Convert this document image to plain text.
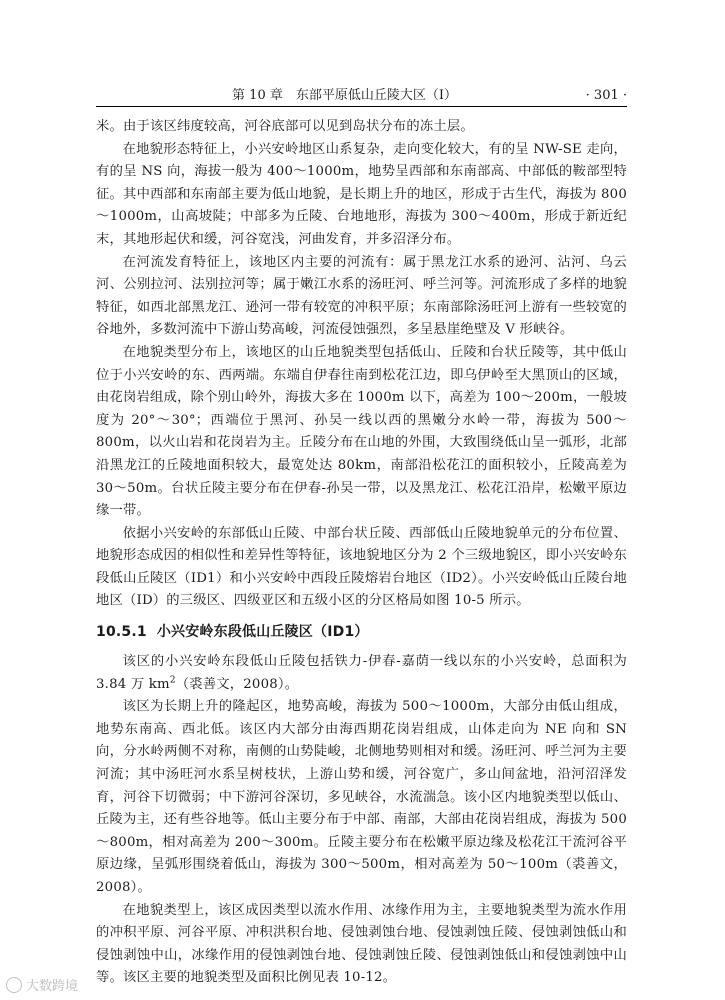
第 10 章　东部平原低山丘陵大区（Ⅰ）	· 301 ·

米。由于该区纬度较高，河谷底部可以见到岛状分布的冻土层。

在地貌形态特征上，小兴安岭地区山系复杂，走向变化较大，有的呈 NW-SE 走向，有的呈 NS 向，海拔一般为 400～1000m，地势呈西部和东南部高、中部低的鞍部型特征。其中西部和东南部主要为低山地貌，是长期上升的地区，形成于古生代，海拔为 800～1000m，山高坡陡；中部多为丘陵、台地地形，海拔为 300～400m，形成于新近纪末，其地形起伏和缓，河谷宽浅，河曲发育，并多沼泽分布。

在河流发育特征上，该地区内主要的河流有：属于黑龙江水系的逊河、沾河、乌云河、公别拉河、法别拉河等；属于嫩江水系的汤旺河、呼兰河等。河流形成了多样的地貌特征，如西北部黑龙江、逊河一带有较宽的冲积平原；东南部除汤旺河上游有一些较宽的谷地外，多数河流中下游山势高峻，河流侵蚀强烈，多呈悬崖绝壁及 V 形峡谷。

在地貌类型分布上，该地区的山丘地貌类型包括低山、丘陵和台状丘陵等，其中低山位于小兴安岭的东、西两端。东端自伊春往南到松花江边，即乌伊岭至大黑顶山的区域，由花岗岩组成，除个别山岭外，海拔大多在 1000m 以下，高差为 100～200m，一般坡度为 20°～30°；西端位于黑河、孙吴一线以西的黑嫩分水岭一带，海拔为 500～800m，以火山岩和花岗岩为主。丘陵分布在山地的外围，大致围绕低山呈一弧形，北部沿黑龙江的丘陵地面积较大，最宽处达 80km，南部沿松花江的面积较小，丘陵高差为 30～50m。台状丘陵主要分布在伊春-孙吴一带，以及黑龙江、松花江沿岸，松嫩平原边缘一带。

依据小兴安岭的东部低山丘陵、中部台状丘陵、西部低山丘陵地貌单元的分布位置、地貌形态成因的相似性和差异性等特征，该地貌地区分为 2 个三级地貌区，即小兴安岭东段低山丘陵区（ID1）和小兴安岭中西段丘陵熔岩台地区（ID2）。小兴安岭低山丘陵台地地区（ID）的三级区、四级亚区和五级小区的分区格局如图 10-5 所示。

10.5.1 小兴安岭东段低山丘陵区（ID1）

该区的小兴安岭东段低山丘陵包括铁力-伊春-嘉荫一线以东的小兴安岭，总面积为 3.84 万 $km^2$（裘善文，2008）。

该区为长期上升的隆起区，地势高峻，海拔为 500～1000m，大部分由低山组成，地势东南高、西北低。该区内大部分由海西期花岗岩组成，山体走向为 NE 向和 SN 向，分水岭两侧不对称，南侧的山势陡峻，北侧地势则相对和缓。汤旺河、呼兰河为主要河流；其中汤旺河水系呈树枝状，上游山势和缓，河谷宽广，多山间盆地，沿河沼泽发育，河谷下切微弱；中下游河谷深切，多见峡谷，水流湍急。该小区内地貌类型以低山、丘陵为主，还有些谷地等。低山主要分布于中部、南部，大部由花岗岩组成，海拔为 500～800m，相对高差为 200～300m。丘陵主要分布在松嫩平原边缘及松花江干流河谷平原边缘，呈弧形围绕着低山，海拔为 300～500m，相对高差为 50～100m（裘善文，2008）。

在地貌类型上，该区成因类型以流水作用、冰缘作用为主，主要地貌类型为流水作用的冲积平原、河谷平原、冲积洪积台地、侵蚀剥蚀台地、侵蚀剥蚀丘陵、侵蚀剥蚀低山和侵蚀剥蚀中山，冰缘作用的侵蚀剥蚀台地、侵蚀剥蚀丘陵、侵蚀剥蚀低山和侵蚀剥蚀中山等。该区主要的地貌类型及面积比例见表 10-12。

大数跨境
